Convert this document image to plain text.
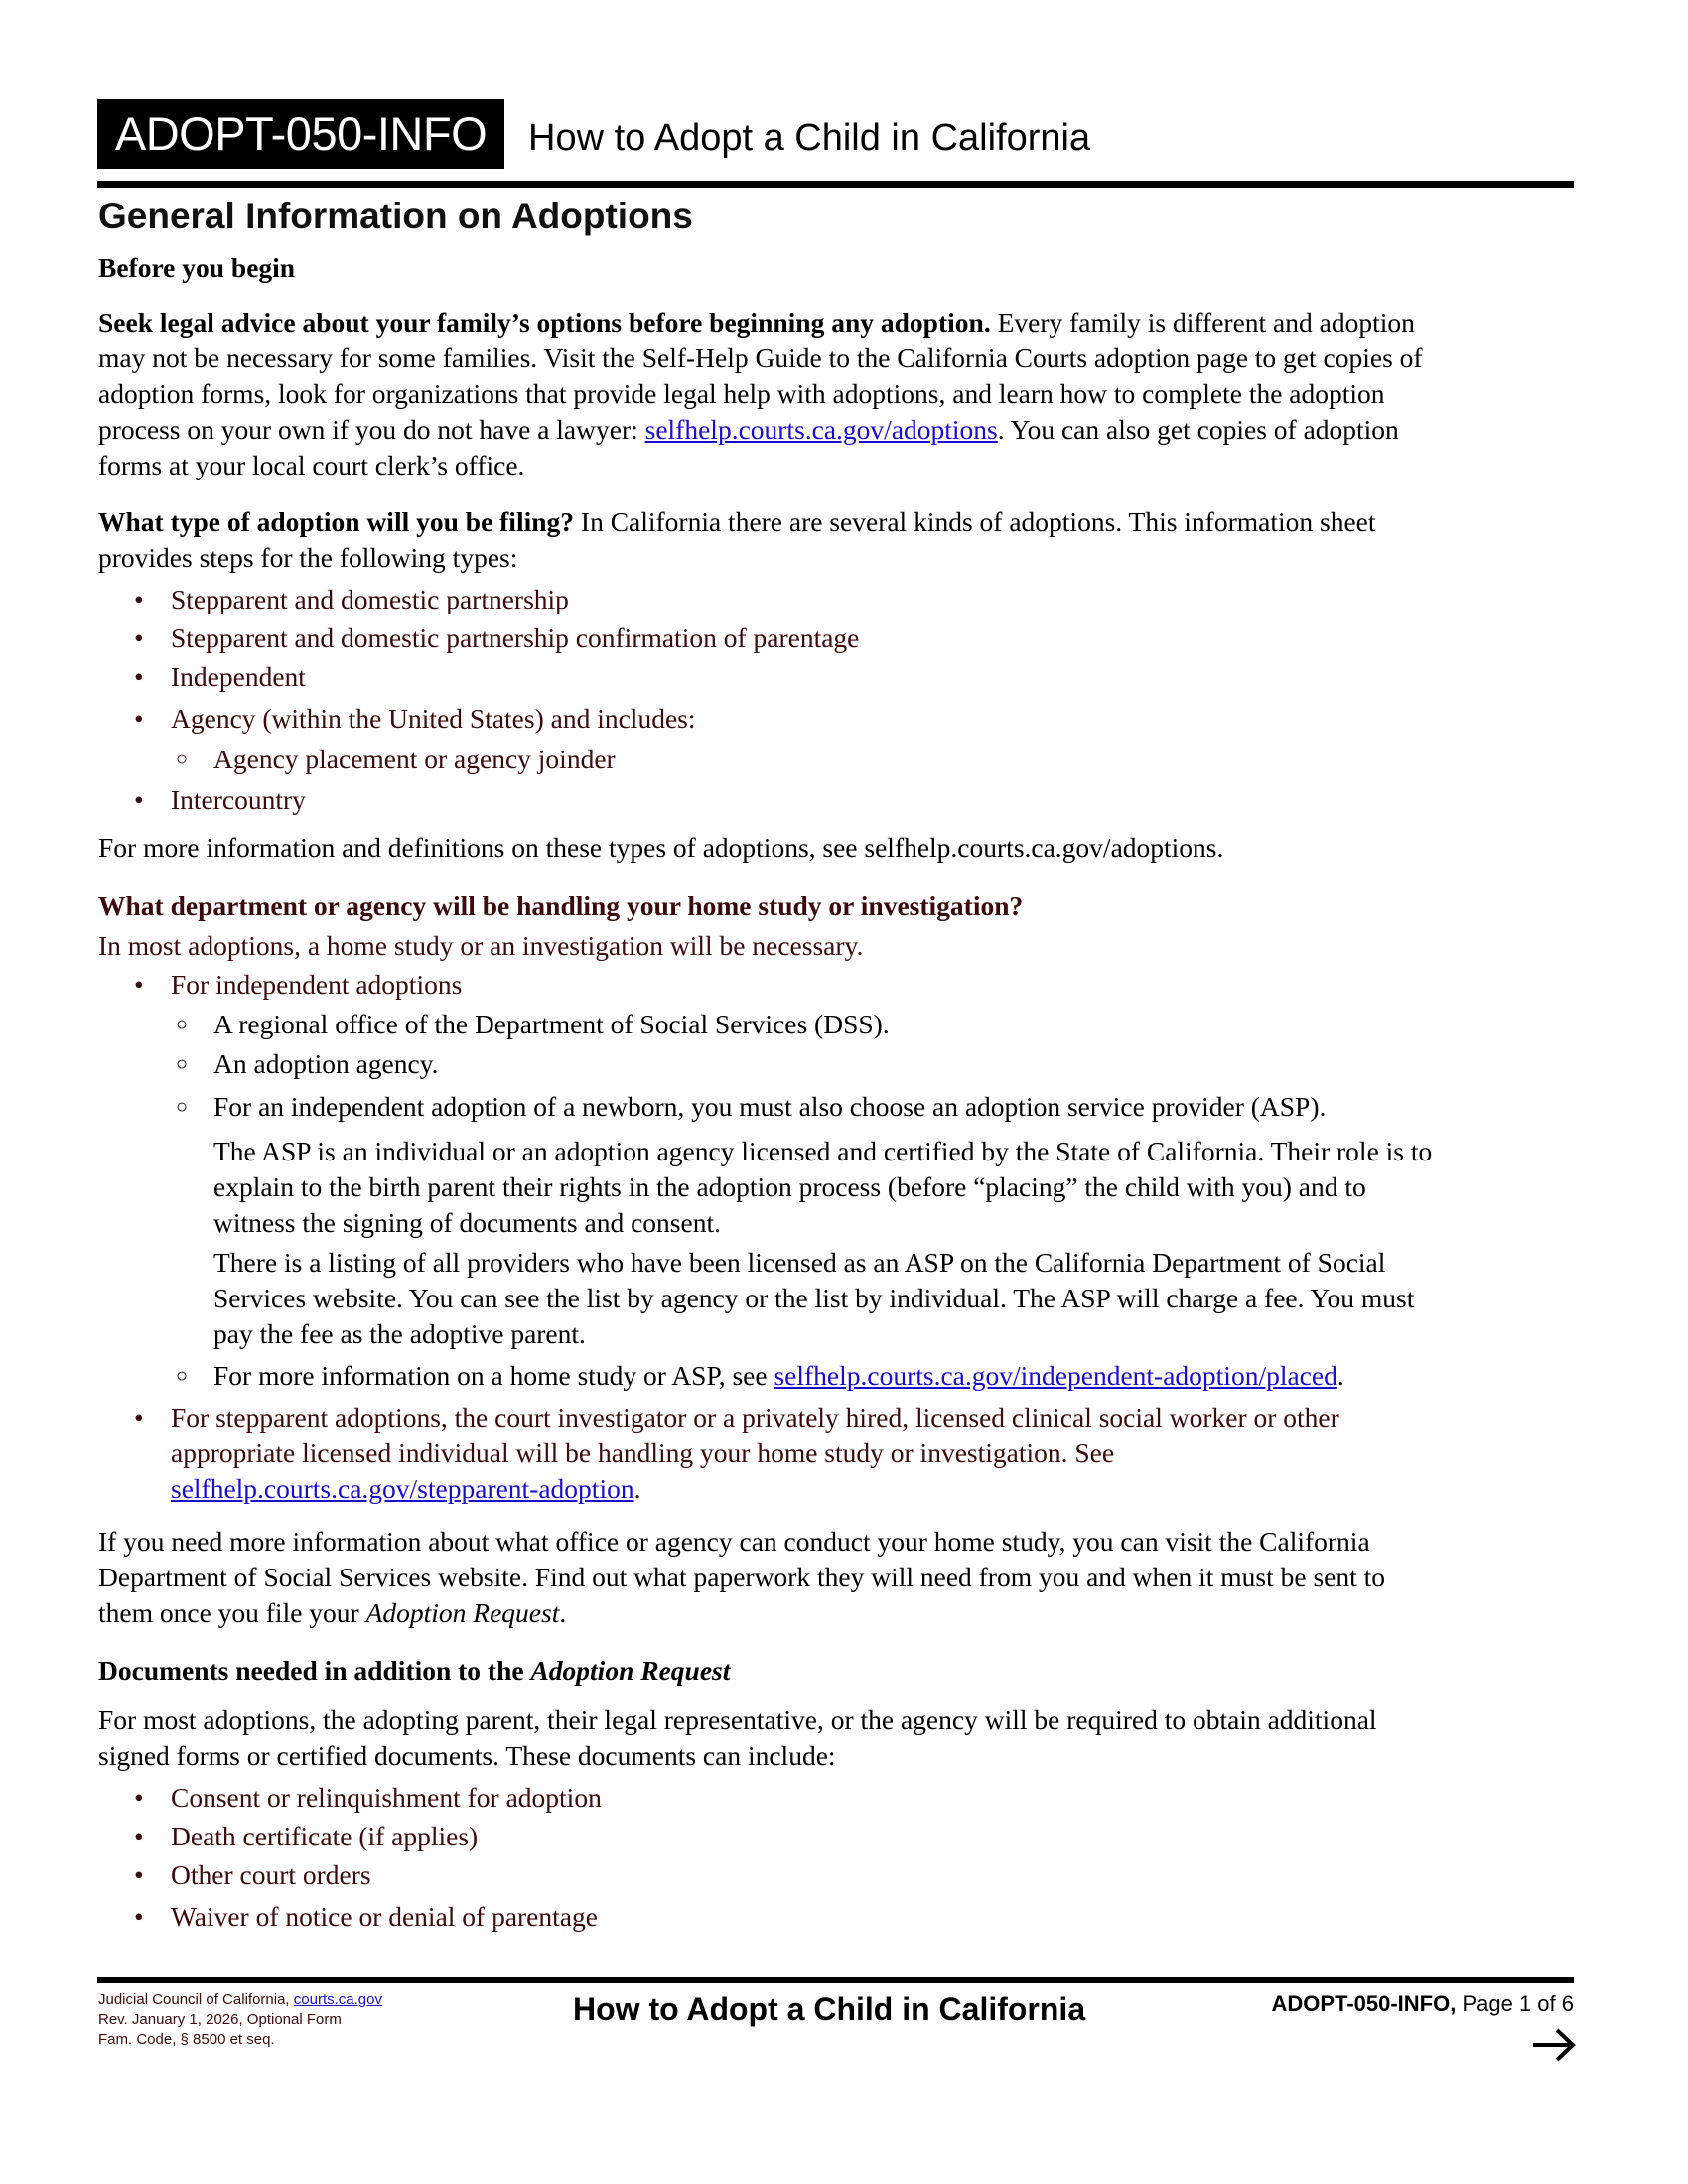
ADOPT-050-INFO	How to Adopt a Child in California
General Information on Adoptions
Before you begin
Seek legal advice about your family’s options before beginning any adoption. Every family is different and adoption
may not be necessary for some families. Visit the Self-Help Guide to the California Courts adoption page to get copies of
adoption forms, look for organizations that provide legal help with adoptions, and learn how to complete the adoption
process on your own if you do not have a lawyer: selfhelp.courts.ca.gov/adoptions. You can also get copies of adoption
forms at your local court clerk’s office.
What type of adoption will you be filing? In California there are several kinds of adoptions. This information sheet
provides steps for the following types:
• Stepparent and domestic partnership
• Stepparent and domestic partnership confirmation of parentage
• Independent
• Agency (within the United States) and includes:
○ Agency placement or agency joinder
• Intercountry
For more information and definitions on these types of adoptions, see selfhelp.courts.ca.gov/adoptions.
What department or agency will be handling your home study or investigation?
In most adoptions, a home study or an investigation will be necessary.
• For independent adoptions
○ A regional office of the Department of Social Services (DSS).
○ An adoption agency.
○ For an independent adoption of a newborn, you must also choose an adoption service provider (ASP).
The ASP is an individual or an adoption agency licensed and certified by the State of California. Their role is to
explain to the birth parent their rights in the adoption process (before “placing” the child with you) and to
witness the signing of documents and consent.
There is a listing of all providers who have been licensed as an ASP on the California Department of Social
Services website. You can see the list by agency or the list by individual. The ASP will charge a fee. You must
pay the fee as the adoptive parent.
○ For more information on a home study or ASP, see selfhelp.courts.ca.gov/independent-adoption/placed.
• For stepparent adoptions, the court investigator or a privately hired, licensed clinical social worker or other
appropriate licensed individual will be handling your home study or investigation. See
selfhelp.courts.ca.gov/stepparent-adoption.
If you need more information about what office or agency can conduct your home study, you can visit the California
Department of Social Services website. Find out what paperwork they will need from you and when it must be sent to
them once you file your Adoption Request.
Documents needed in addition to the Adoption Request
For most adoptions, the adopting parent, their legal representative, or the agency will be required to obtain additional
signed forms or certified documents. These documents can include:
• Consent or relinquishment for adoption
• Death certificate (if applies)
• Other court orders
• Waiver of notice or denial of parentage
Judicial Council of California, courts.ca.gov
Rev. January 1, 2026, Optional Form
Fam. Code, § 8500 et seq.
How to Adopt a Child in California	ADOPT-050-INFO, Page 1 of 6
